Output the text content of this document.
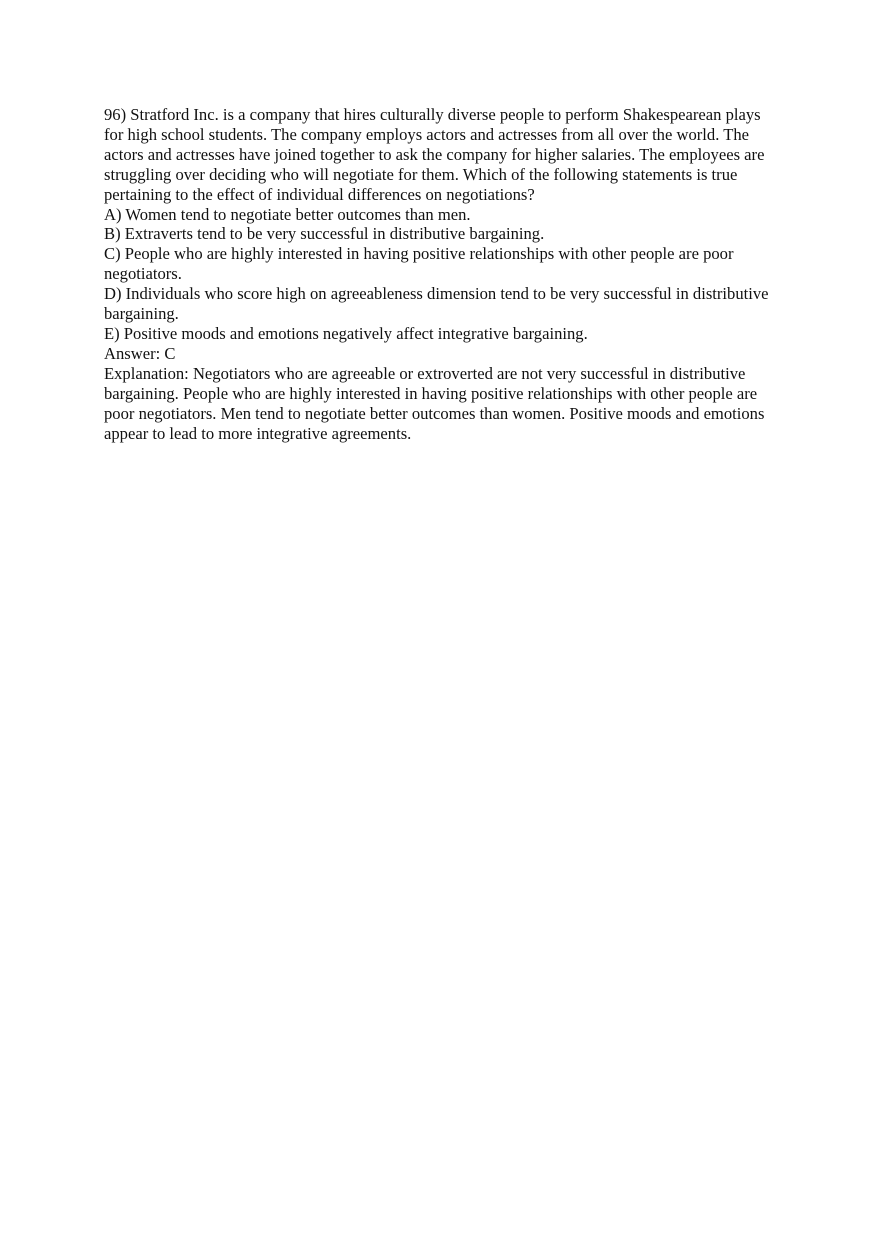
96) Stratford Inc. is a company that hires culturally diverse people to perform Shakespearean plays for high school students. The company employs actors and actresses from all over the world. The actors and actresses have joined together to ask the company for higher salaries. The employees are struggling over deciding who will negotiate for them. Which of the following statements is true pertaining to the effect of individual differences on negotiations?

A) Women tend to negotiate better outcomes than men.

B) Extraverts tend to be very successful in distributive bargaining.

C) People who are highly interested in having positive relationships with other people are poor negotiators.

D) Individuals who score high on agreeableness dimension tend to be very successful in distributive bargaining.

E) Positive moods and emotions negatively affect integrative bargaining.

Answer: C

Explanation: Negotiators who are agreeable or extroverted are not very successful in distributive bargaining. People who are highly interested in having positive relationships with other people are poor negotiators. Men tend to negotiate better outcomes than women. Positive moods and emotions appear to lead to more integrative agreements.
